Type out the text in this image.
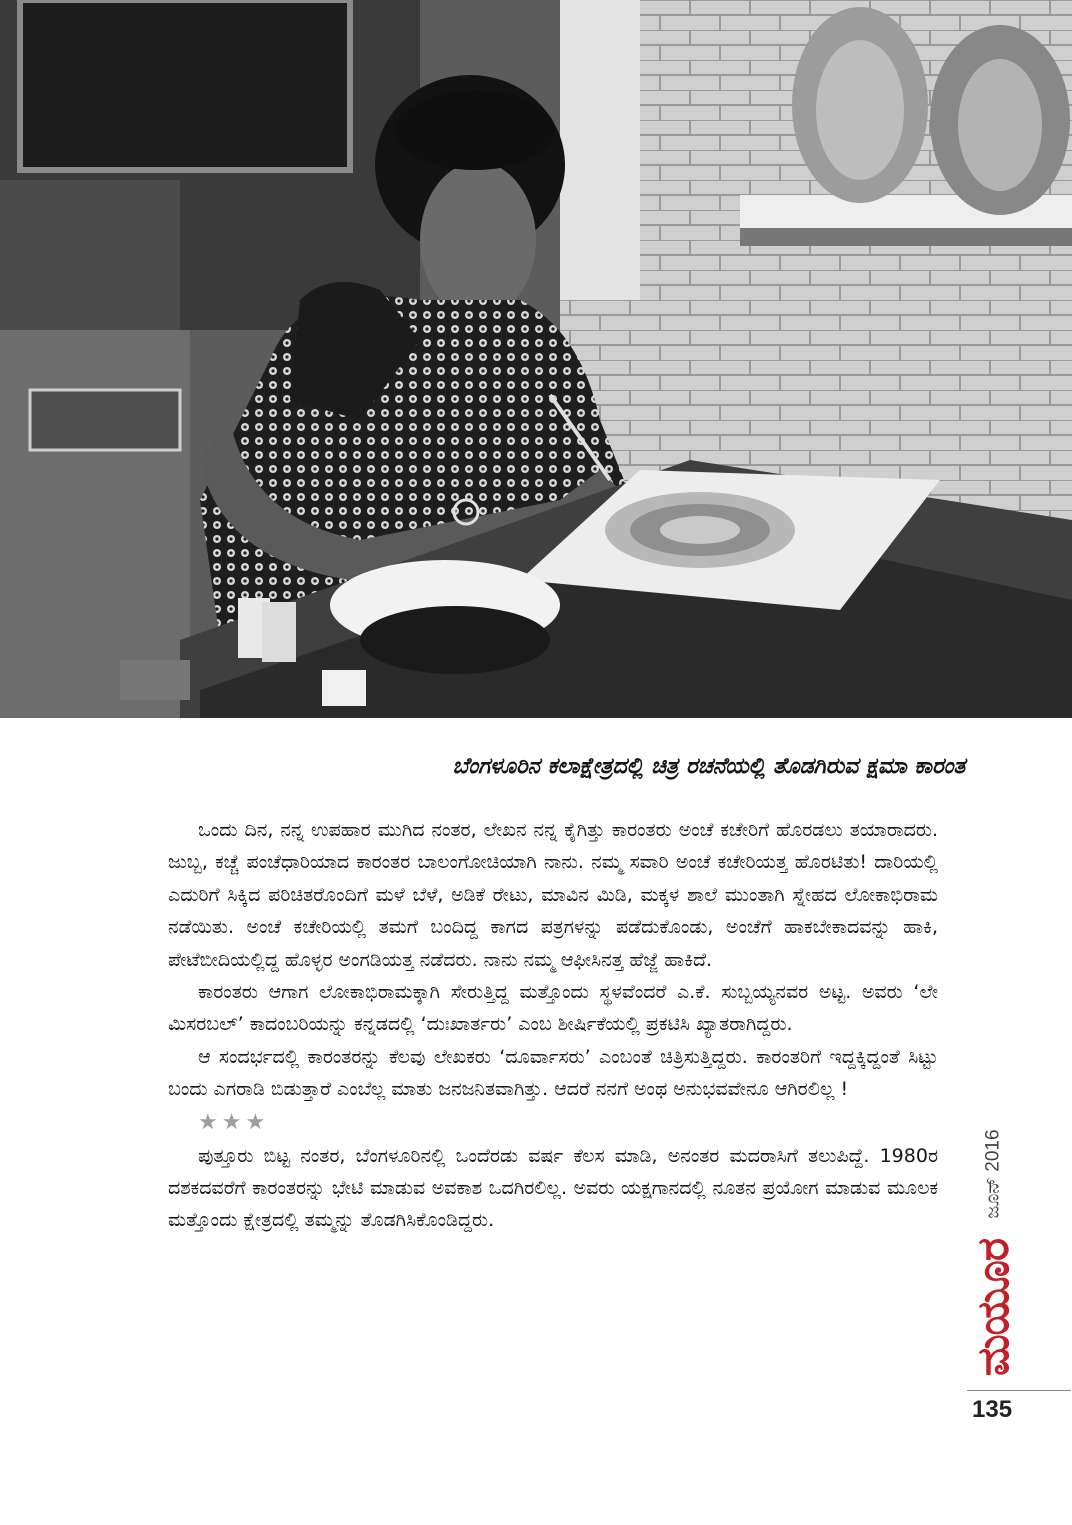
ಬೆಂಗಳೂರಿನ ಕಲಾಕ್ಷೇತ್ರದಲ್ಲಿ ಚಿತ್ರ ರಚನೆಯಲ್ಲಿ ತೊಡಗಿರುವ ಕ್ಷಮಾ ಕಾರಂತ

ಒಂದು ದಿನ, ನನ್ನ ಉಪಹಾರ ಮುಗಿದ ನಂತರ, ಲೇಖನ ನನ್ನ ಕೈಗಿತ್ತು ಕಾರಂತರು ಅಂಚೆ ಕಚೇರಿಗೆ ಹೊರಡಲು ತಯಾರಾದರು. ಜುಬ್ಬ, ಕಚ್ಚೆ ಪಂಚೆಧಾರಿಯಾದ ಕಾರಂತರ ಬಾಲಂಗೋಚಿಯಾಗಿ ನಾನು. ನಮ್ಮ ಸವಾರಿ ಅಂಚೆ ಕಚೇರಿಯತ್ತ ಹೊರಟಿತು! ದಾರಿಯಲ್ಲಿ ಎದುರಿಗೆ ಸಿಕ್ಕಿದ ಪರಿಚಿತರೊಂದಿಗೆ ಮಳೆ ಬೆಳೆ, ಅಡಿಕೆ ರೇಟು, ಮಾವಿನ ಮಿಡಿ, ಮಕ್ಕಳ ಶಾಲೆ ಮುಂತಾಗಿ ಸ್ನೇಹದ ಲೋಕಾಭಿರಾಮ ನಡೆಯಿತು. ಅಂಚೆ ಕಚೇರಿಯಲ್ಲಿ ತಮಗೆ ಬಂದಿದ್ದ ಕಾಗದ ಪತ್ರಗಳನ್ನು ಪಡೆದುಕೊಂಡು, ಅಂಚೆಗೆ ಹಾಕಬೇಕಾದವನ್ನು ಹಾಕಿ, ಪೇಟೆಬೀದಿಯಲ್ಲಿದ್ದ ಹೊಳ್ಳರ ಅಂಗಡಿಯತ್ತ ನಡೆದರು. ನಾನು ನಮ್ಮ ಆಫೀಸಿನತ್ತ ಹೆಜ್ಜೆ ಹಾಕಿದೆ.

ಕಾರಂತರು ಆಗಾಗ ಲೋಕಾಭಿರಾಮಕ್ಕಾಗಿ ಸೇರುತ್ತಿದ್ದ ಮತ್ತೊಂದು ಸ್ಥಳವೆಂದರೆ ಎ.ಕೆ. ಸುಬ್ಬಯ್ಯನವರ ಅಟ್ಟ. ಅವರು ‘ಲೇ ಮಿಸರಬಲ್’ ಕಾದಂಬರಿಯನ್ನು ಕನ್ನಡದಲ್ಲಿ ‘ದುಃಖಾರ್ತರು’ ಎಂಬ ಶೀರ್ಷಿಕೆಯಲ್ಲಿ ಪ್ರಕಟಿಸಿ ಖ್ಯಾತರಾಗಿದ್ದರು.

ಆ ಸಂದರ್ಭದಲ್ಲಿ ಕಾರಂತರನ್ನು ಕೆಲವು ಲೇಖಕರು ‘ದೂರ್ವಾಸರು’ ಎಂಬಂತೆ ಚಿತ್ರಿಸುತ್ತಿದ್ದರು. ಕಾರಂತರಿಗೆ ಇದ್ದಕ್ಕಿದ್ದಂತೆ ಸಿಟ್ಟು ಬಂದು ಎಗರಾಡಿ ಬಿಡುತ್ತಾರೆ ಎಂಬೆಲ್ಲ ಮಾತು ಜನಜನಿತವಾಗಿತ್ತು. ಆದರೆ ನನಗೆ ಅಂಥ ಅನುಭವವೇನೂ ಆಗಿರಲಿಲ್ಲ !

★★★

ಪುತ್ತೂರು ಬಿಟ್ಟ ನಂತರ, ಬೆಂಗಳೂರಿನಲ್ಲಿ ಒಂದೆರಡು ವರ್ಷ ಕೆಲಸ ಮಾಡಿ, ಅನಂತರ ಮದರಾಸಿಗೆ ತಲುಪಿದ್ದೆ. 1980ರ ದಶಕದವರೆಗೆ ಕಾರಂತರನ್ನು ಭೇಟಿ ಮಾಡುವ ಅವಕಾಶ ಒದಗಿರಲಿಲ್ಲ. ಅವರು ಯಕ್ಷಗಾನದಲ್ಲಿ ನೂತನ ಪ್ರಯೋಗ ಮಾಡುವ ಮೂಲಕ ಮತ್ತೊಂದು ಕ್ಷೇತ್ರದಲ್ಲಿ ತಮ್ಮನ್ನು ತೊಡಗಿಸಿಕೊಂಡಿದ್ದರು.

ಜೂನ್ 2016
ಮಯೂರ
135
